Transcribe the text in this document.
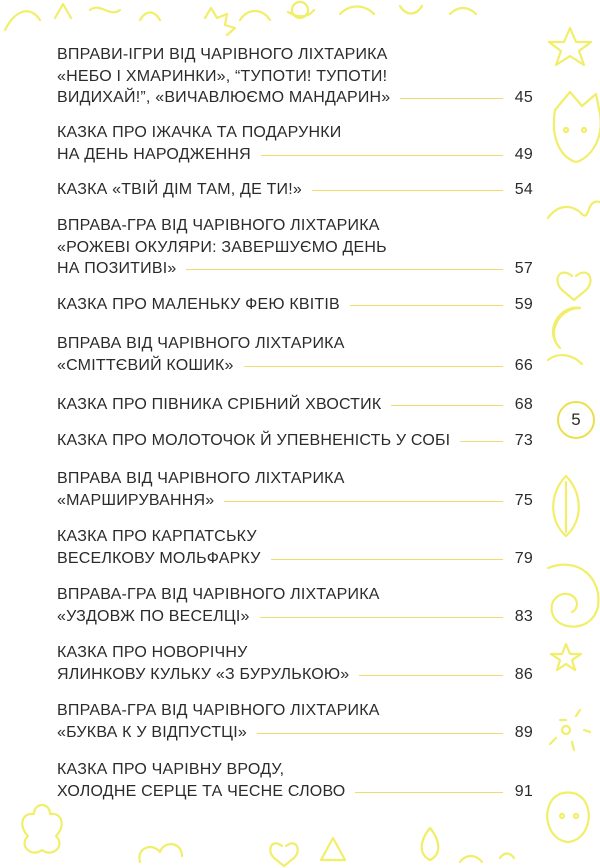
ВПРАВИ-ІГРИ ВІД ЧАРІВНОГО ЛІХТАРИКА
«НЕБО І ХМАРИНКИ», “ТУПОТИ! ТУПОТИ!
ВИДИХАЙ!”, «ВИЧАВЛЮЄМО МАНДАРИН»	45
КАЗКА ПРО ІЖАЧКА ТА ПОДАРУНКИ
НА ДЕНЬ НАРОДЖЕННЯ	49
КАЗКА «ТВІЙ ДІМ ТАМ, ДЕ ТИ!»	54
ВПРАВА-ГРА ВІД ЧАРІВНОГО ЛІХТАРИКА
«РОЖЕВІ ОКУЛЯРИ: ЗАВЕРШУЄМО ДЕНЬ
НА ПОЗИТИВІ»	57
КАЗКА ПРО МАЛЕНЬКУ ФЕЮ КВІТІВ	59
ВПРАВА ВІД ЧАРІВНОГО ЛІХТАРИКА
«СМІТТЄВИЙ КОШИК»	66
КАЗКА ПРО ПІВНИКА СРІБНИЙ ХВОСТИК	68
КАЗКА ПРО МОЛОТОЧОК Й УПЕВНЕНІСТЬ У СОБІ	73
ВПРАВА ВІД ЧАРІВНОГО ЛІХТАРИКА
«МАРШИРУВАННЯ»	75
КАЗКА ПРО КАРПАТСЬКУ
ВЕСЕЛКОВУ МОЛЬФАРКУ	79
ВПРАВА-ГРА ВІД ЧАРІВНОГО ЛІХТАРИКА
«УЗДОВЖ ПО ВЕСЕЛЦІ»	83
КАЗКА ПРО НОВОРІЧНУ
ЯЛИНКОВУ КУЛЬКУ «З БУРУЛЬКОЮ»	86
ВПРАВА-ГРА ВІД ЧАРІВНОГО ЛІХТАРИКА
«БУКВА К У ВІДПУСТЦІ»	89
КАЗКА ПРО ЧАРІВНУ ВРОДУ,
ХОЛОДНЕ СЕРЦЕ ТА ЧЕСНЕ СЛОВО	91
5
